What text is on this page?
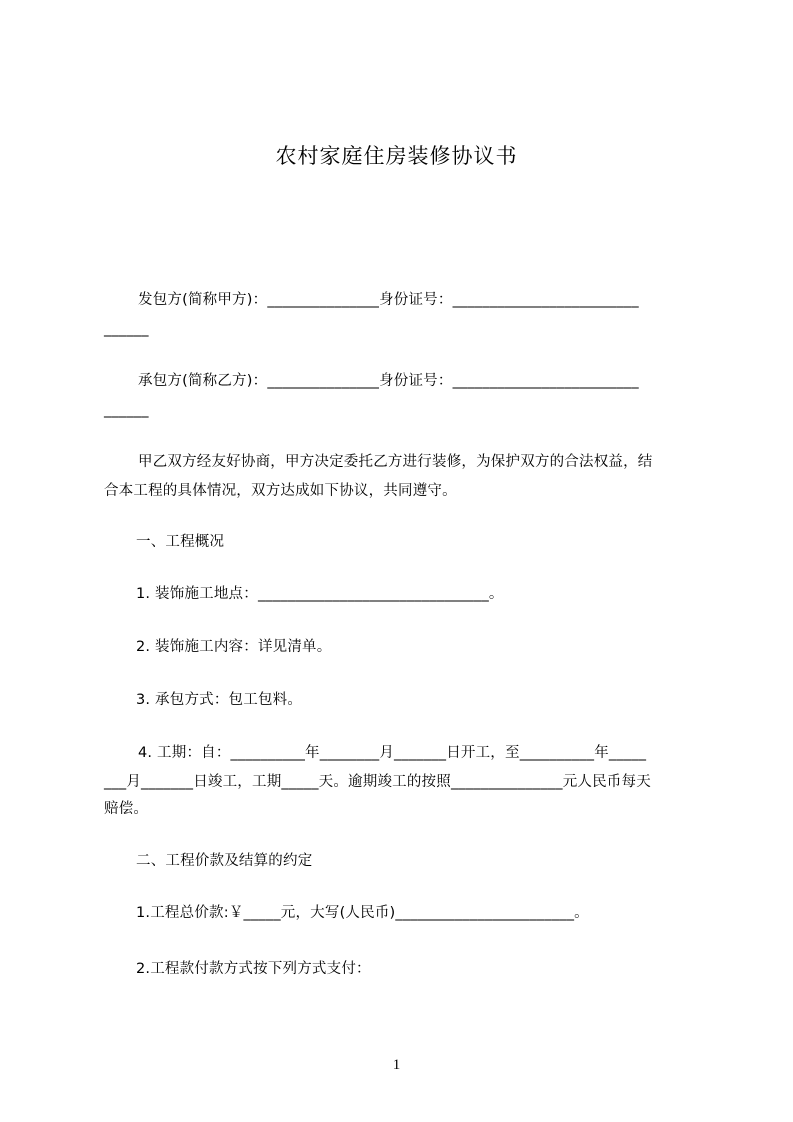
农村家庭住房装修协议书
发包方(简称甲方)：_______________身份证号：_________________________
______
承包方(简称乙方)：_______________身份证号：_________________________
______
甲乙双方经友好协商，甲方决定委托乙方进行装修，为保护双方的合法权益，结
合本工程的具体情况，双方达成如下协议，共同遵守。
一、工程概况
1. 装饰施工地点：_______________________________。
2. 装饰施工内容：详见清单。
3. 承包方式：包工包料。
4. 工期：自：__________年________月_______日开工，至__________年_____
___月_______日竣工，工期_____天。逾期竣工的按照_______________元人民币每天
赔偿。
二、工程价款及结算的约定
1.工程总价款:￥_____元，大写(人民币)________________________。
2.工程款付款方式按下列方式支付：
1
